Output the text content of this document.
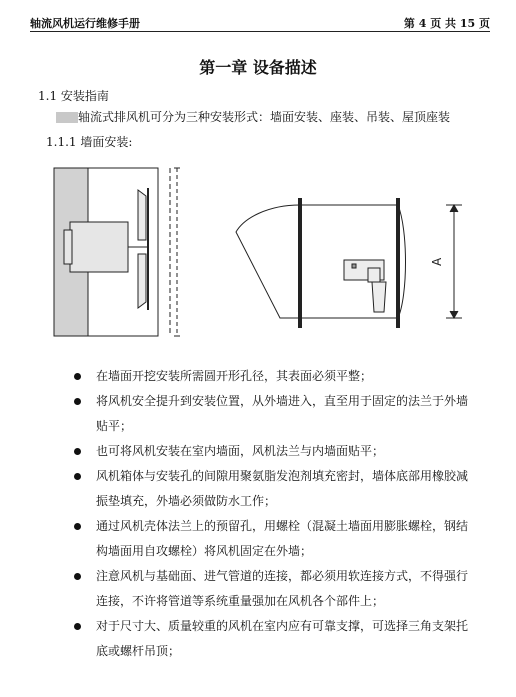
轴流风机运行维修手册	第 4 页 共 15 页
第一章 设备描述
1.1 安装指南
轴流式排风机可分为三种安装形式：墙面安装、座装、吊装、屋顶座装
1.1.1 墙面安装:
A
在墙面开挖安装所需圆开形孔径，其表面必须平整；
将风机安全提升到安装位置，从外墙进入，直至用于固定的法兰于外墙贴平；
也可将风机安装在室内墙面，风机法兰与内墙面贴平；
风机箱体与安装孔的间隙用聚氨脂发泡剂填充密封，墙体底部用橡胶减振垫填充，外墙必须做防水工作；
通过风机壳体法兰上的预留孔，用螺栓（混凝土墙面用膨胀螺栓，钢结构墙面用自攻螺栓）将风机固定在外墙；
注意风机与基础面、进气管道的连接，都必须用软连接方式，不得强行连接，不许将管道等系统重量强加在风机各个部件上；
对于尺寸大、质量较重的风机在室内应有可靠支撑，可选择三角支架托底或螺杆吊顶；
